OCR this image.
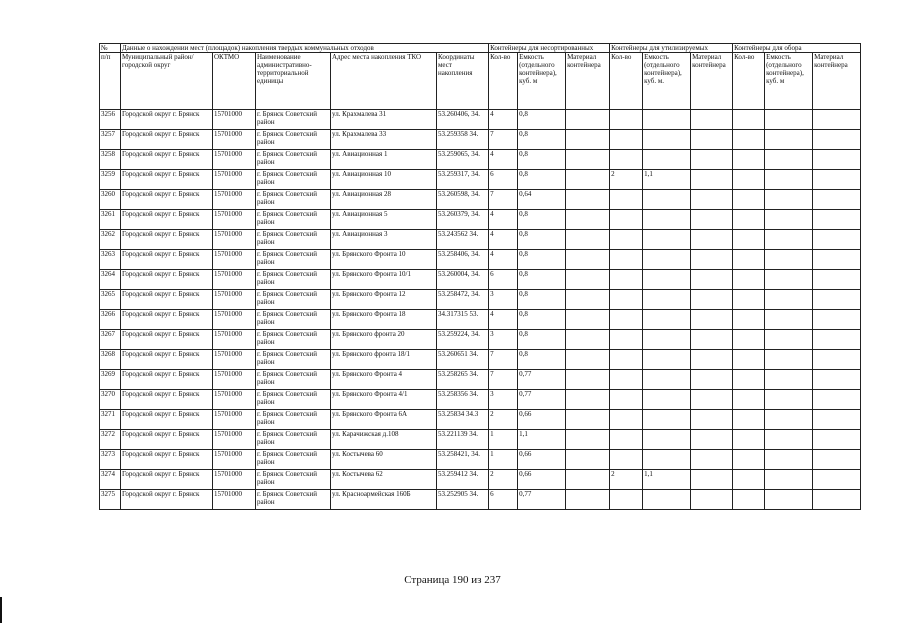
№	Данные о нахождении мест (площадок) накопления твердых коммунальных отходов					Контейнеры для несортированных			Контейнеры для утилизируемых			Контейнеры для обора		
п/п	Муниципальный район/городской округ	ОКТМО	Наименование административно-территориальной единицы	Адрес места накопления ТКО	Координаты мест накопления	Кол-во	Емкость (отдельного контейнера), куб. м	Материал контейнера	Кол-во	Емкость (отдельного контейнера), куб. м.	Материал контейнера	Кол-во	Емкость (отдельного контейнера), куб. м	Материал контейнера
3256	Городской округ г. Брянск	15701000	г. Брянск Советский район	ул. Крахмалева 31	53.260406, 34.	4	0,8							
3257	Городской округ г. Брянск	15701000	г. Брянск Советский район	ул. Крахмалева 33	53.259358 34.	7	0,8							
3258	Городской округ г. Брянск	15701000	г. Брянск Советский район	ул. Авиационная 1	53.259065, 34.	4	0,8							
3259	Городской округ г. Брянск	15701000	г. Брянск Советский район	ул. Авиационная 10	53.259317, 34.	6	0,8		2	1,1				
3260	Городской округ г. Брянск	15701000	г. Брянск Советский район	ул. Авиационная 28	53.260598, 34.	7	0,64							
3261	Городской округ г. Брянск	15701000	г. Брянск Советский район	ул. Авиационная 5	53.260379, 34.	4	0,8							
3262	Городской округ г. Брянск	15701000	г. Брянск Советский район	ул. Авиационная 3	53.243562 34.	4	0,8							
3263	Городской округ г. Брянск	15701000	г. Брянск Советский район	ул. Брянского Фронта 10	53.258406, 34.	4	0,8							
3264	Городской округ г. Брянск	15701000	г. Брянск Советский район	ул. Брянского Фронта 10/1	53.260004, 34.	6	0,8							
3265	Городской округ г. Брянск	15701000	г. Брянск Советский район	ул. Брянского Фронта 12	53.258472, 34.	3	0,8							
3266	Городской округ г. Брянск	15701000	г. Брянск Советский район	ул. Брянского Фронта 18	34.317315 53.	4	0,8							
3267	Городской округ г. Брянск	15701000	г. Брянск Советский район	ул. Брянского фронта 20	53.259224, 34.	3	0,8							
3268	Городской округ г. Брянск	15701000	г. Брянск Советский район	ул. Брянского фронта 18/1	53.260651 34.	7	0,8							
3269	Городской округ г. Брянск	15701000	г. Брянск Советский район	ул. Брянского Фронта 4	53.258265 34.	7	0,77							
3270	Городской округ г. Брянск	15701000	г. Брянск Советский район	ул. Брянского Фронта 4/1	53.258356 34.	3	0,77							
3271	Городской округ г. Брянск	15701000	г. Брянск Советский район	ул. Брянского Фронта 6А	53.25834 34.3	2	0,66							
3272	Городской округ г. Брянск	15701000	г. Брянск Советский район	ул. Карачижская д.108	53.221139 34.	1	1,1							
3273	Городской округ г. Брянск	15701000	г. Брянск Советский район	ул. Костычева 60	53.258421, 34.	1	0,66							
3274	Городской округ г. Брянск	15701000	г. Брянск Советский район	ул. Костычева 62	53.259412 34.	2	0,66		2	1,1				
3275	Городской округ г. Брянск	15701000	г. Брянск Советский район	ул. Красноармейская 160Б	53.252905 34.	6	0,77							
Страница 190 из 237
